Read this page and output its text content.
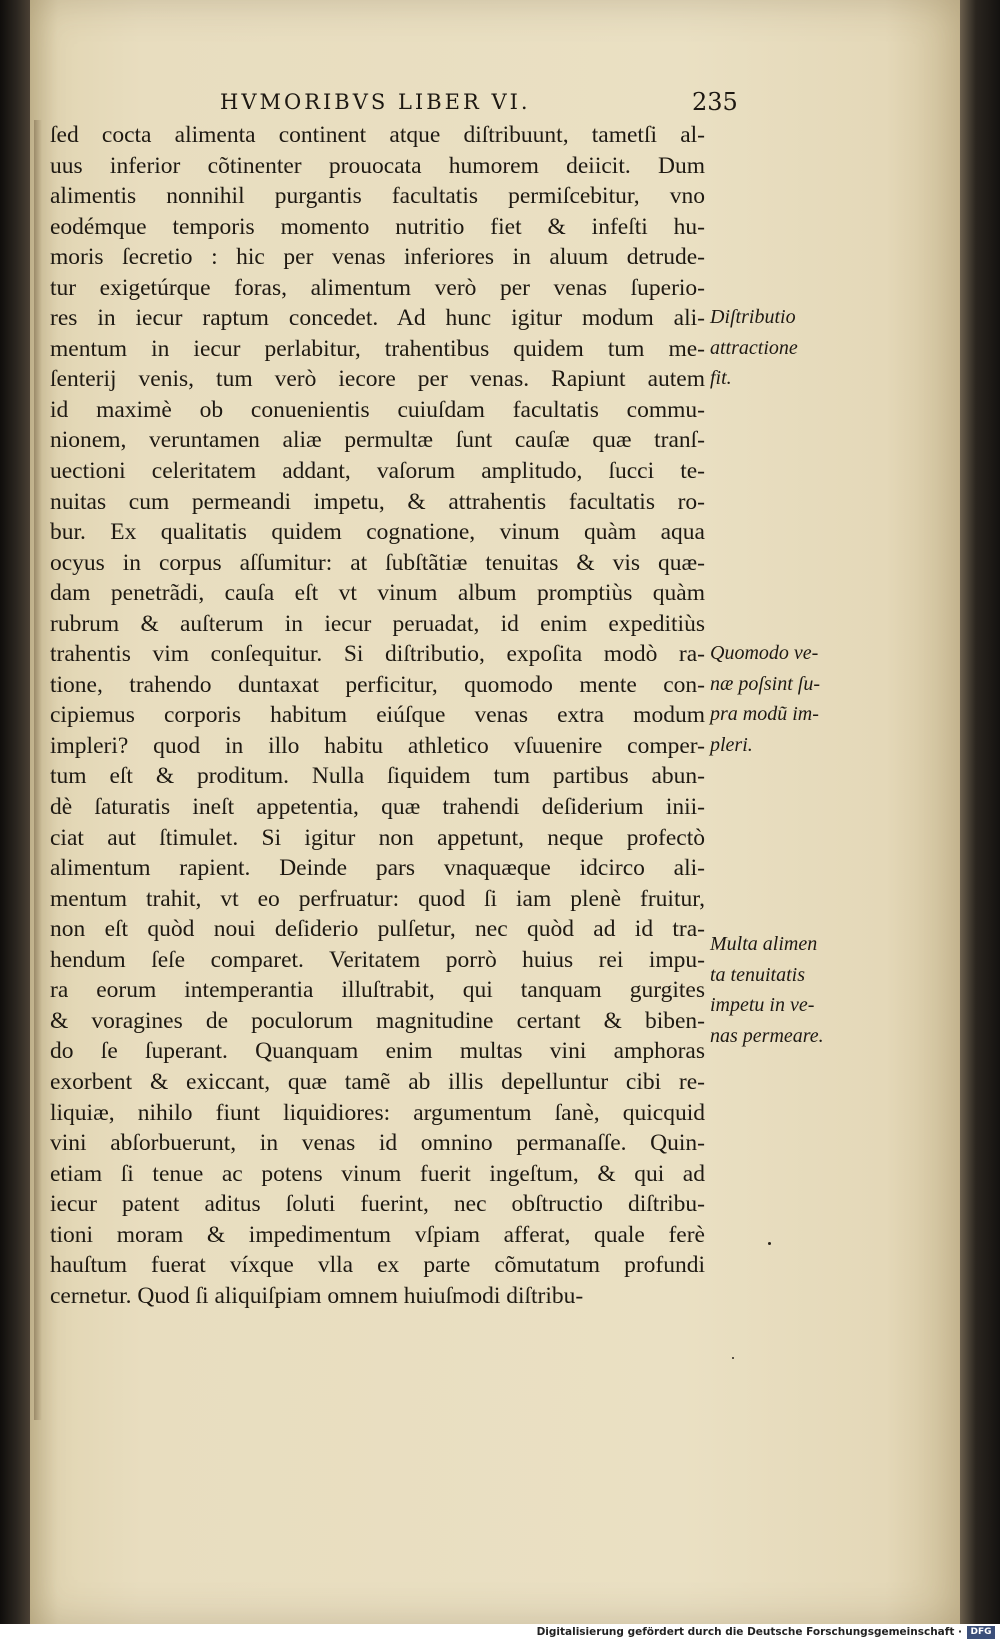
HVMORIBVS LIBER VI.	235
ſed cocta alimenta continent atque diſtribuunt, tametſi al-
uus inferior cõtinenter prouocata humorem deiicit. Dum
alimentis nonnihil purgantis facultatis permiſcebitur, vno
eodémque temporis momento nutritio fiet & infeſti hu-
moris ſecretio : hic per venas inferiores in aluum detrude-
tur exigetúrque foras, alimentum verò per venas ſuperio-
res in iecur raptum concedet. Ad hunc igitur modum ali-
mentum in iecur perlabitur, trahentibus quidem tum me-
ſenterij venis, tum verò iecore per venas. Rapiunt autem
id maximè ob conuenientis cuiuſdam facultatis commu-
nionem, veruntamen aliæ permultæ ſunt cauſæ quæ tranſ-
uectioni celeritatem addant, vaſorum amplitudo, ſucci te-
nuitas cum permeandi impetu, & attrahentis facultatis ro-
bur. Ex qualitatis quidem cognatione, vinum quàm aqua
ocyus in corpus aſſumitur: at ſubſtãtiæ tenuitas & vis quæ-
dam penetrãdi, cauſa eſt vt vinum album promptiùs quàm
rubrum & auſterum in iecur peruadat, id enim expeditiùs
trahentis vim conſequitur. Si diſtributio, expoſita modò ra-
tione, trahendo duntaxat perficitur, quomodo mente con-
cipiemus corporis habitum eiúſque venas extra modum
impleri? quod in illo habitu athletico vſuuenire comper-
tum eſt & proditum. Nulla ſiquidem tum partibus abun-
dè ſaturatis ineſt appetentia, quæ trahendi deſiderium inii-
ciat aut ſtimulet. Si igitur non appetunt, neque profectò
alimentum rapient. Deinde pars vnaquæque idcirco ali-
mentum trahit, vt eo perfruatur: quod ſi iam plenè fruitur,
non eſt quòd noui deſiderio pulſetur, nec quòd ad id tra-
hendum ſeſe comparet. Veritatem porrò huius rei impu-
ra eorum intemperantia illuſtrabit, qui tanquam gurgites
& voragines de poculorum magnitudine certant & biben-
do ſe ſuperant. Quanquam enim multas vini amphoras
exorbent & exiccant, quæ tamẽ ab illis depelluntur cibi re-
liquiæ, nihilo fiunt liquidiores: argumentum ſanè, quicquid
vini abſorbuerunt, in venas id omnino permanaſſe. Quin-
etiam ſi tenue ac potens vinum fuerit ingeſtum, & qui ad
iecur patent aditus ſoluti fuerint, nec obſtructio diſtribu-
tioni moram & impedimentum vſpiam afferat, quale ferè
hauſtum fuerat víxque vlla ex parte cõmutatum profundi
cernetur. Quod ſi aliquiſpiam omnem huiuſmodi diſtribu-
Diſtributio
attractione
fit.
Quomodo ve-
næ poſsint ſu-
pra modũ im-
pleri.
Multa alimen
ta tenuitatis
impetu in ve-
nas permeare.
Digitalisierung gefördert durch die Deutsche Forschungsgemeinschaft · DFG
